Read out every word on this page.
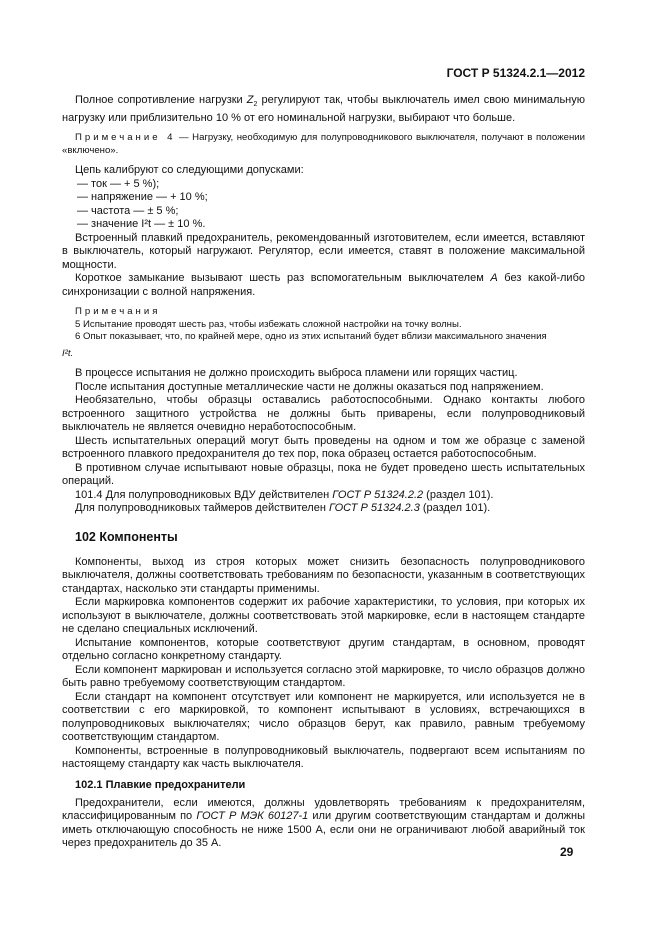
ГОСТ Р 51324.2.1—2012

Полное сопротивление нагрузки $Z_2$ регулируют так, чтобы выключатель имел свою минимальную нагрузку или приблизительно 10 % от его номинальной нагрузки, выбирают что больше.

Примечание 4 — Нагрузку, необходимую для полупроводникового выключателя, получают в положении «включено».

Цепь калибруют со следующими допусками:

— ток — + 5 %);

— напряжение — + 10 %;

— частота — ± 5 %;

— значение I²t — ± 10 %.

Встроенный плавкий предохранитель, рекомендованный изготовителем, если имеется, вставляют в выключатель, который нагружают. Регулятор, если имеется, ставят в положение максимальной мощности.

Короткое замыкание вызывают шесть раз вспомогательным выключателем A без какой-либо синхронизации с волной напряжения.

Примечания

5 Испытание проводят шесть раз, чтобы избежать сложной настройки на точку волны.

6 Опыт показывает, что, по крайней мере, одно из этих испытаний будет вблизи максимального значения

I²t.

В процессе испытания не должно происходить выброса пламени или горящих частиц.

После испытания доступные металлические части не должны оказаться под напряжением.

Необязательно, чтобы образцы оставались работоспособными. Однако контакты любого встроенного защитного устройства не должны быть приварены, если полупроводниковый выключатель не является очевидно неработоспособным.

Шесть испытательных операций могут быть проведены на одном и том же образце с заменой встроенного плавкого предохранителя до тех пор, пока образец остается работоспособным.

В противном случае испытывают новые образцы, пока не будет проведено шесть испытательных операций.

101.4 Для полупроводниковых ВДУ действителен ГОСТ Р 51324.2.2 (раздел 101).

Для полупроводниковых таймеров действителен ГОСТ Р 51324.2.3 (раздел 101).

102 Компоненты

Компоненты, выход из строя которых может снизить безопасность полупроводникового выключателя, должны соответствовать требованиям по безопасности, указанным в соответствующих стандартах, насколько эти стандарты применимы.

Если маркировка компонентов содержит их рабочие характеристики, то условия, при которых их используют в выключателе, должны соответствовать этой маркировке, если в настоящем стандарте не сделано специальных исключений.

Испытание компонентов, которые соответствуют другим стандартам, в основном, проводят отдельно согласно конкретному стандарту.

Если компонент маркирован и используется согласно этой маркировке, то число образцов должно быть равно требуемому соответствующим стандартом.

Если стандарт на компонент отсутствует или компонент не маркируется, или используется не в соответствии с его маркировкой, то компонент испытывают в условиях, встречающихся в полупроводниковых выключателях; число образцов берут, как правило, равным требуемому соответствующим стандартом.

Компоненты, встроенные в полупроводниковый выключатель, подвергают всем испытаниям по настоящему стандарту как часть выключателя.

102.1 Плавкие предохранители

Предохранители, если имеются, должны удовлетворять требованиям к предохранителям, классифицированным по ГОСТ Р МЭК 60127-1 или другим соответствующим стандартам и должны иметь отключающую способность не ниже 1500 А, если они не ограничивают любой аварийный ток через предохранитель до 35 А.

29
